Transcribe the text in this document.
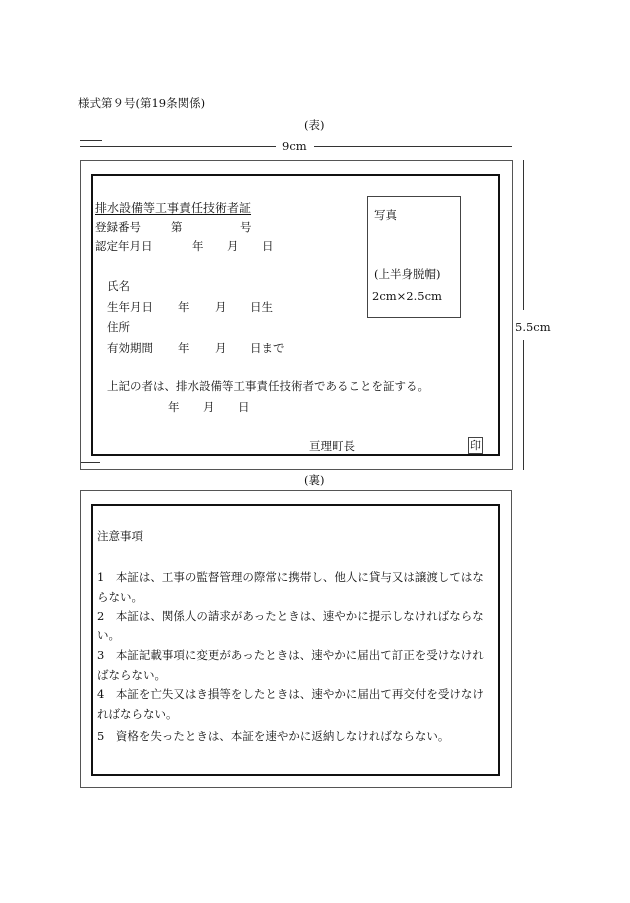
様式第９号(第19条関係)
(表)
9cm
5.5cm
排水設備等工事責任技術者証
登録番号	第	号
認定年月日	年 月 日
氏名
生年月日 年 月 日生
住所
有効期間 年 月 日まで
上記の者は、排水設備等工事責任技術者であることを証する。
年 月 日
亘理町長	印
写真
(上半身脱帽)
2cm×2.5cm
(裏)
注意事項
1　本証は、工事の監督管理の際常に携帯し、他人に貸与又は譲渡してはな
らない。
2　本証は、関係人の請求があったときは、速やかに提示しなければならな
い。
3　本証記載事項に変更があったときは、速やかに届出て訂正を受けなけれ
ばならない。
4　本証を亡失又はき損等をしたときは、速やかに届出て再交付を受けなけ
ればならない。
5　資格を失ったときは、本証を速やかに返納しなければならない。
